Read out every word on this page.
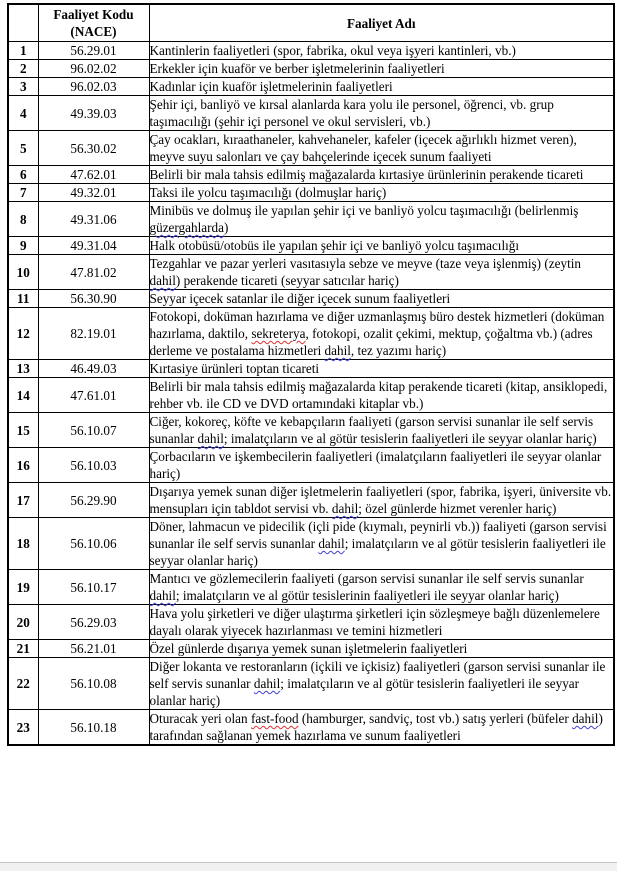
	Faaliyet Kodu (NACE)	Faaliyet Adı
1	56.29.01	Kantinlerin faaliyetleri (spor, fabrika, okul veya işyeri kantinleri, vb.)
2	96.02.02	Erkekler için kuaför ve berber işletmelerinin faaliyetleri
3	96.02.03	Kadınlar için kuaför işletmelerinin faaliyetleri
4	49.39.03	Şehir içi, banliyö ve kırsal alanlarda kara yolu ile personel, öğrenci, vb. grup taşımacılığı (şehir içi personel ve okul servisleri, vb.)
5	56.30.02	Çay ocakları, kıraathaneler, kahvehaneler, kafeler (içecek ağırlıklı hizmet veren), meyve suyu salonları ve çay bahçelerinde içecek sunum faaliyeti
6	47.62.01	Belirli bir mala tahsis edilmiş mağazalarda kırtasiye ürünlerinin perakende ticareti
7	49.32.01	Taksi ile yolcu taşımacılığı (dolmuşlar hariç)
8	49.31.06	Minibüs ve dolmuş ile yapılan şehir içi ve banliyö yolcu taşımacılığı (belirlenmiş güzergahlarda)
9	49.31.04	Halk otobüsü/otobüs ile yapılan şehir içi ve banliyö yolcu taşımacılığı
10	47.81.02	Tezgahlar ve pazar yerleri vasıtasıyla sebze ve meyve (taze veya işlenmiş) (zeytin dahil) perakende ticareti (seyyar satıcılar hariç)
11	56.30.90	Seyyar içecek satanlar ile diğer içecek sunum faaliyetleri
12	82.19.01	Fotokopi, doküman hazırlama ve diğer uzmanlaşmış büro destek hizmetleri (doküman hazırlama, daktilo, sekreterya, fotokopi, ozalit çekimi, mektup, çoğaltma vb.) (adres derleme ve postalama hizmetleri dahil, tez yazımı hariç)
13	46.49.03	Kırtasiye ürünleri toptan ticareti
14	47.61.01	Belirli bir mala tahsis edilmiş mağazalarda kitap perakende ticareti (kitap, ansiklopedi, rehber vb. ile CD ve DVD ortamındaki kitaplar vb.)
15	56.10.07	Ciğer, kokoreç, köfte ve kebapçıların faaliyeti (garson servisi sunanlar ile self servis sunanlar dahil; imalatçıların ve al götür tesislerin faaliyetleri ile seyyar olanlar hariç)
16	56.10.03	Çorbacıların ve işkembecilerin faaliyetleri (imalatçıların faaliyetleri ile seyyar olanlar hariç)
17	56.29.90	Dışarıya yemek sunan diğer işletmelerin faaliyetleri (spor, fabrika, işyeri, üniversite vb. mensupları için tabldot servisi vb. dahil; özel günlerde hizmet verenler hariç)
18	56.10.06	Döner, lahmacun ve pidecilik (içli pide (kıymalı, peynirli vb.)) faaliyeti (garson servisi sunanlar ile self servis sunanlar dahil; imalatçıların ve al götür tesislerin faaliyetleri ile seyyar olanlar hariç)
19	56.10.17	Mantıcı ve gözlemecilerin faaliyeti (garson servisi sunanlar ile self servis sunanlar dahil; imalatçıların ve al götür tesislerinin faaliyetleri ile seyyar olanlar hariç)
20	56.29.03	Hava yolu şirketleri ve diğer ulaştırma şirketleri için sözleşmeye bağlı düzenlemelere dayalı olarak yiyecek hazırlanması ve temini hizmetleri
21	56.21.01	Özel günlerde dışarıya yemek sunan işletmelerin faaliyetleri
22	56.10.08	Diğer lokanta ve restoranların (içkili ve içkisiz) faaliyetleri (garson servisi sunanlar ile self servis sunanlar dahil; imalatçıların ve al götür tesislerin faaliyetleri ile seyyar olanlar hariç)
23	56.10.18	Oturacak yeri olan fast-food (hamburger, sandviç, tost vb.) satış yerleri (büfeler dahil) tarafından sağlanan yemek hazırlama ve sunum faaliyetleri
